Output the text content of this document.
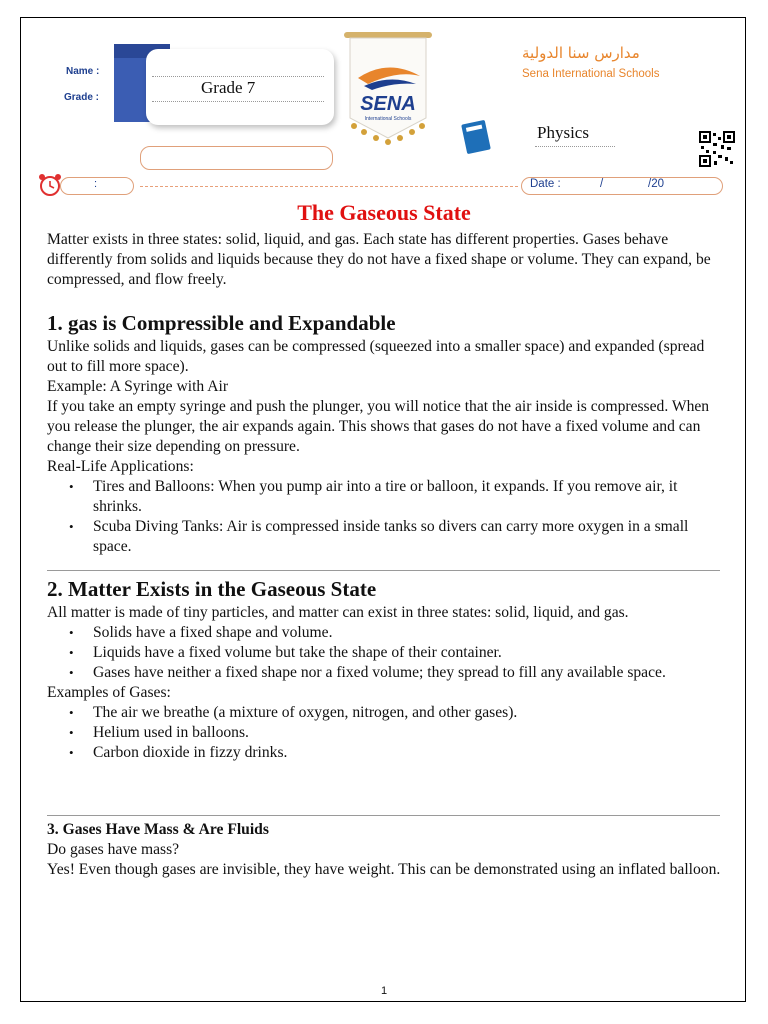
Name :
Grade :
Grade 7
SENA
International Schools
مدارس سنا الدولية
Sena International Schools
Physics
:	Date :	/	/20
The Gaseous State

Matter exists in three states: solid, liquid, and gas. Each state has different properties. Gases behave differently from solids and liquids because they do not have a fixed shape or volume. They can expand, be compressed, and flow freely.

1. gas is Compressible and Expandable

Unlike solids and liquids, gases can be compressed (squeezed into a smaller space) and expanded (spread out to fill more space).

Example: A Syringe with Air

If you take an empty syringe and push the plunger, you will notice that the air inside is compressed. When you release the plunger, the air expands again. This shows that gases do not have a fixed volume and can change their size depending on pressure.

Real-Life Applications:

• Tires and Balloons: When you pump air into a tire or balloon, it expands. If you remove air, it shrinks.
• Scuba Diving Tanks: Air is compressed inside tanks so divers can carry more oxygen in a small space.
2. Matter Exists in the Gaseous State

All matter is made of tiny particles, and matter can exist in three states: solid, liquid, and gas.

• Solids have a fixed shape and volume.
• Liquids have a fixed volume but take the shape of their container.
• Gases have neither a fixed shape nor a fixed volume; they spread to fill any available space.

Examples of Gases:

• The air we breathe (a mixture of oxygen, nitrogen, and other gases).
• Helium used in balloons.
• Carbon dioxide in fizzy drinks.
3. Gases Have Mass & Are Fluids

Do gases have mass?

Yes! Even though gases are invisible, they have weight. This can be demonstrated using an inflated balloon.

1
